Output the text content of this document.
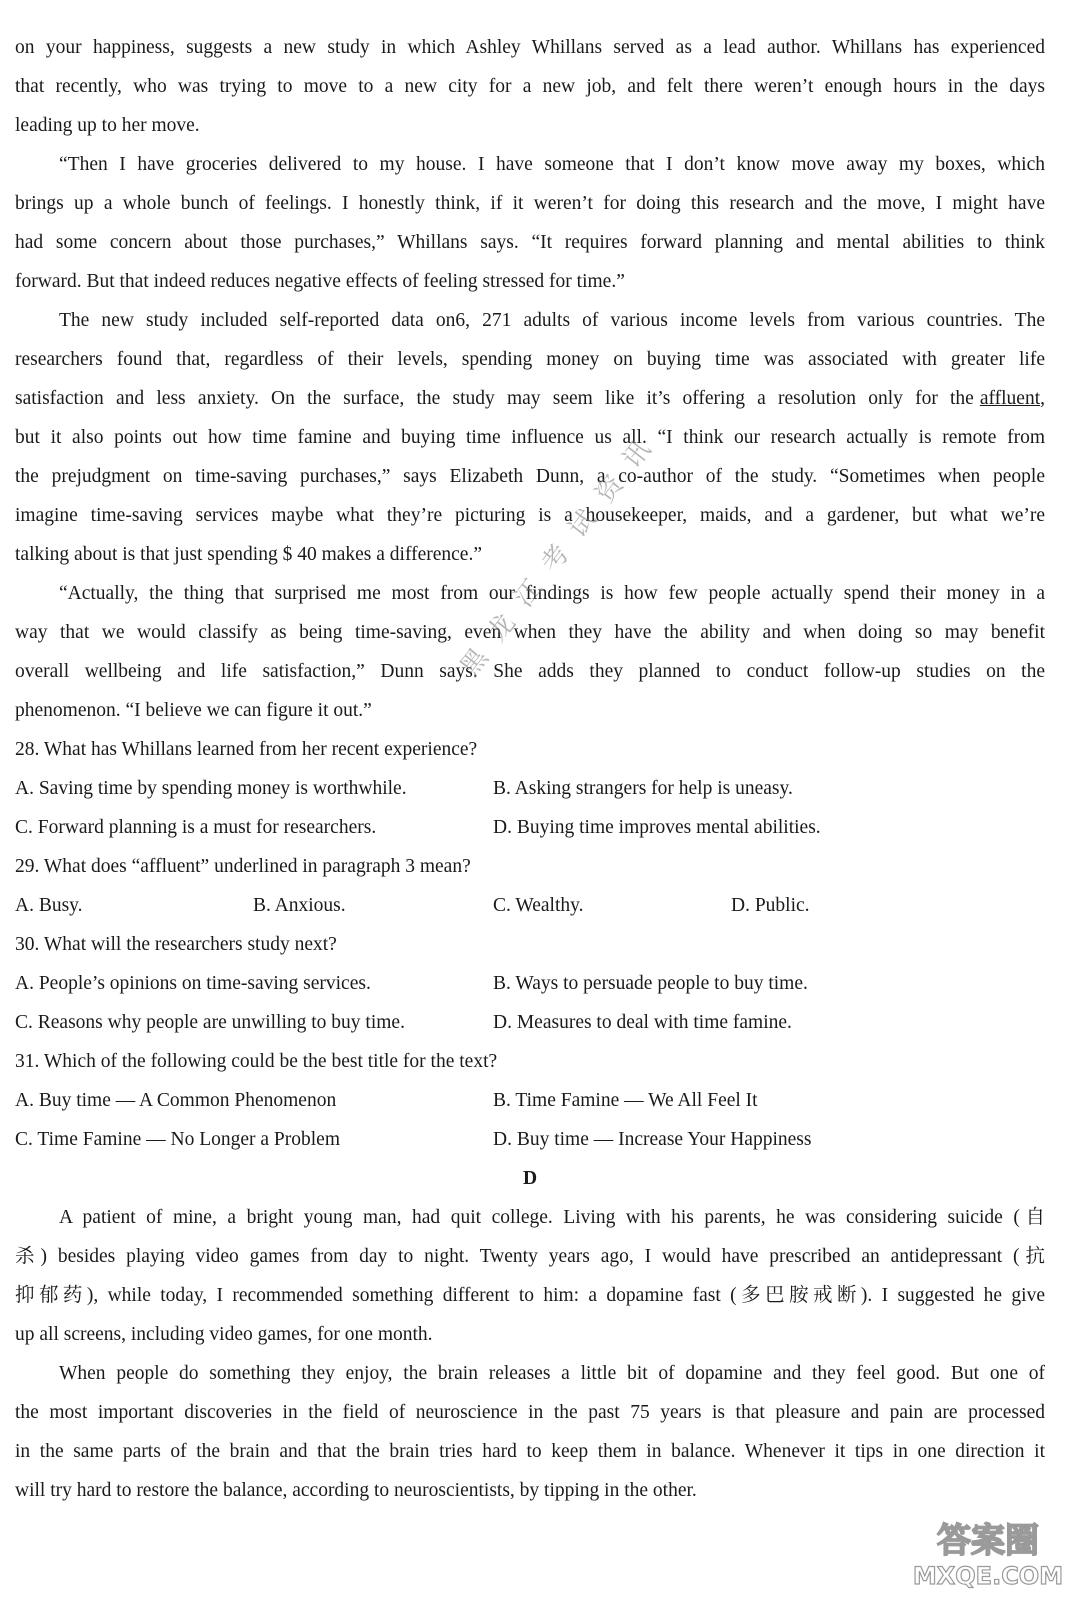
on your happiness, suggests a new study in which Ashley Whillans served as a lead author. Whillans has experienced
that recently, who was trying to move to a new city for a new job, and felt there weren’t enough hours in the days
leading up to her move.
“Then I have groceries delivered to my house. I have someone that I don’t know move away my boxes, which
brings up a whole bunch of feelings. I honestly think, if it weren’t for doing this research and the move, I might have
had some concern about those purchases,” Whillans says. “It requires forward planning and mental abilities to think
forward. But that indeed reduces negative effects of feeling stressed for time.”
The new study included self-reported data on6, 271 adults of various income levels from various countries. The
researchers found that, regardless of their levels, spending money on buying time was associated with greater life
satisfaction and less anxiety. On the surface, the study may seem like it’s offering a resolution only for the affluent,
but it also points out how time famine and buying time influence us all. “I think our research actually is remote from
the prejudgment on time-saving purchases,” says Elizabeth Dunn, a co-author of the study. “Sometimes when people
imagine time-saving services maybe what they’re picturing is a housekeeper, maids, and a gardener, but what we’re
talking about is that just spending $ 40 makes a difference.”
“Actually, the thing that surprised me most from our findings is how few people actually spend their money in a
way that we would classify as being time-saving, even when they have the ability and when doing so may benefit
overall wellbeing and life satisfaction,” Dunn says. She adds they planned to conduct follow-up studies on the
phenomenon. “I believe we can figure it out.”
28. What has Whillans learned from her recent experience?
A. Saving time by spending money is worthwhile.	B. Asking strangers for help is uneasy.
C. Forward planning is a must for researchers.	D. Buying time improves mental abilities.
29. What does “affluent” underlined in paragraph 3 mean?
A. Busy.	B. Anxious.	C. Wealthy.	D. Public.
30. What will the researchers study next?
A. People’s opinions on time-saving services.	B. Ways to persuade people to buy time.
C. Reasons why people are unwilling to buy time.	D. Measures to deal with time famine.
31. Which of the following could be the best title for the text?
A. Buy time — A Common Phenomenon	B. Time Famine — We All Feel It
C. Time Famine — No Longer a Problem	D. Buy time — Increase Your Happiness
D
A patient of mine, a bright young man, had quit college. Living with his parents, he was considering suicide (自
杀) besides playing video games from day to night. Twenty years ago, I would have prescribed an antidepressant (抗
抑郁药), while today, I recommended something different to him: a dopamine fast (多巴胺戒断). I suggested he give
up all screens, including video games, for one month.
When people do something they enjoy, the brain releases a little bit of dopamine and they feel good. But one of
the most important discoveries in the field of neuroscience in the past 75 years is that pleasure and pain are processed
in the same parts of the brain and that the brain tries hard to keep them in balance. Whenever it tips in one direction it
will try hard to restore the balance, according to neuroscientists, by tipping in the other.
黑龙江考试资讯
答案圈
MXQE.COM
